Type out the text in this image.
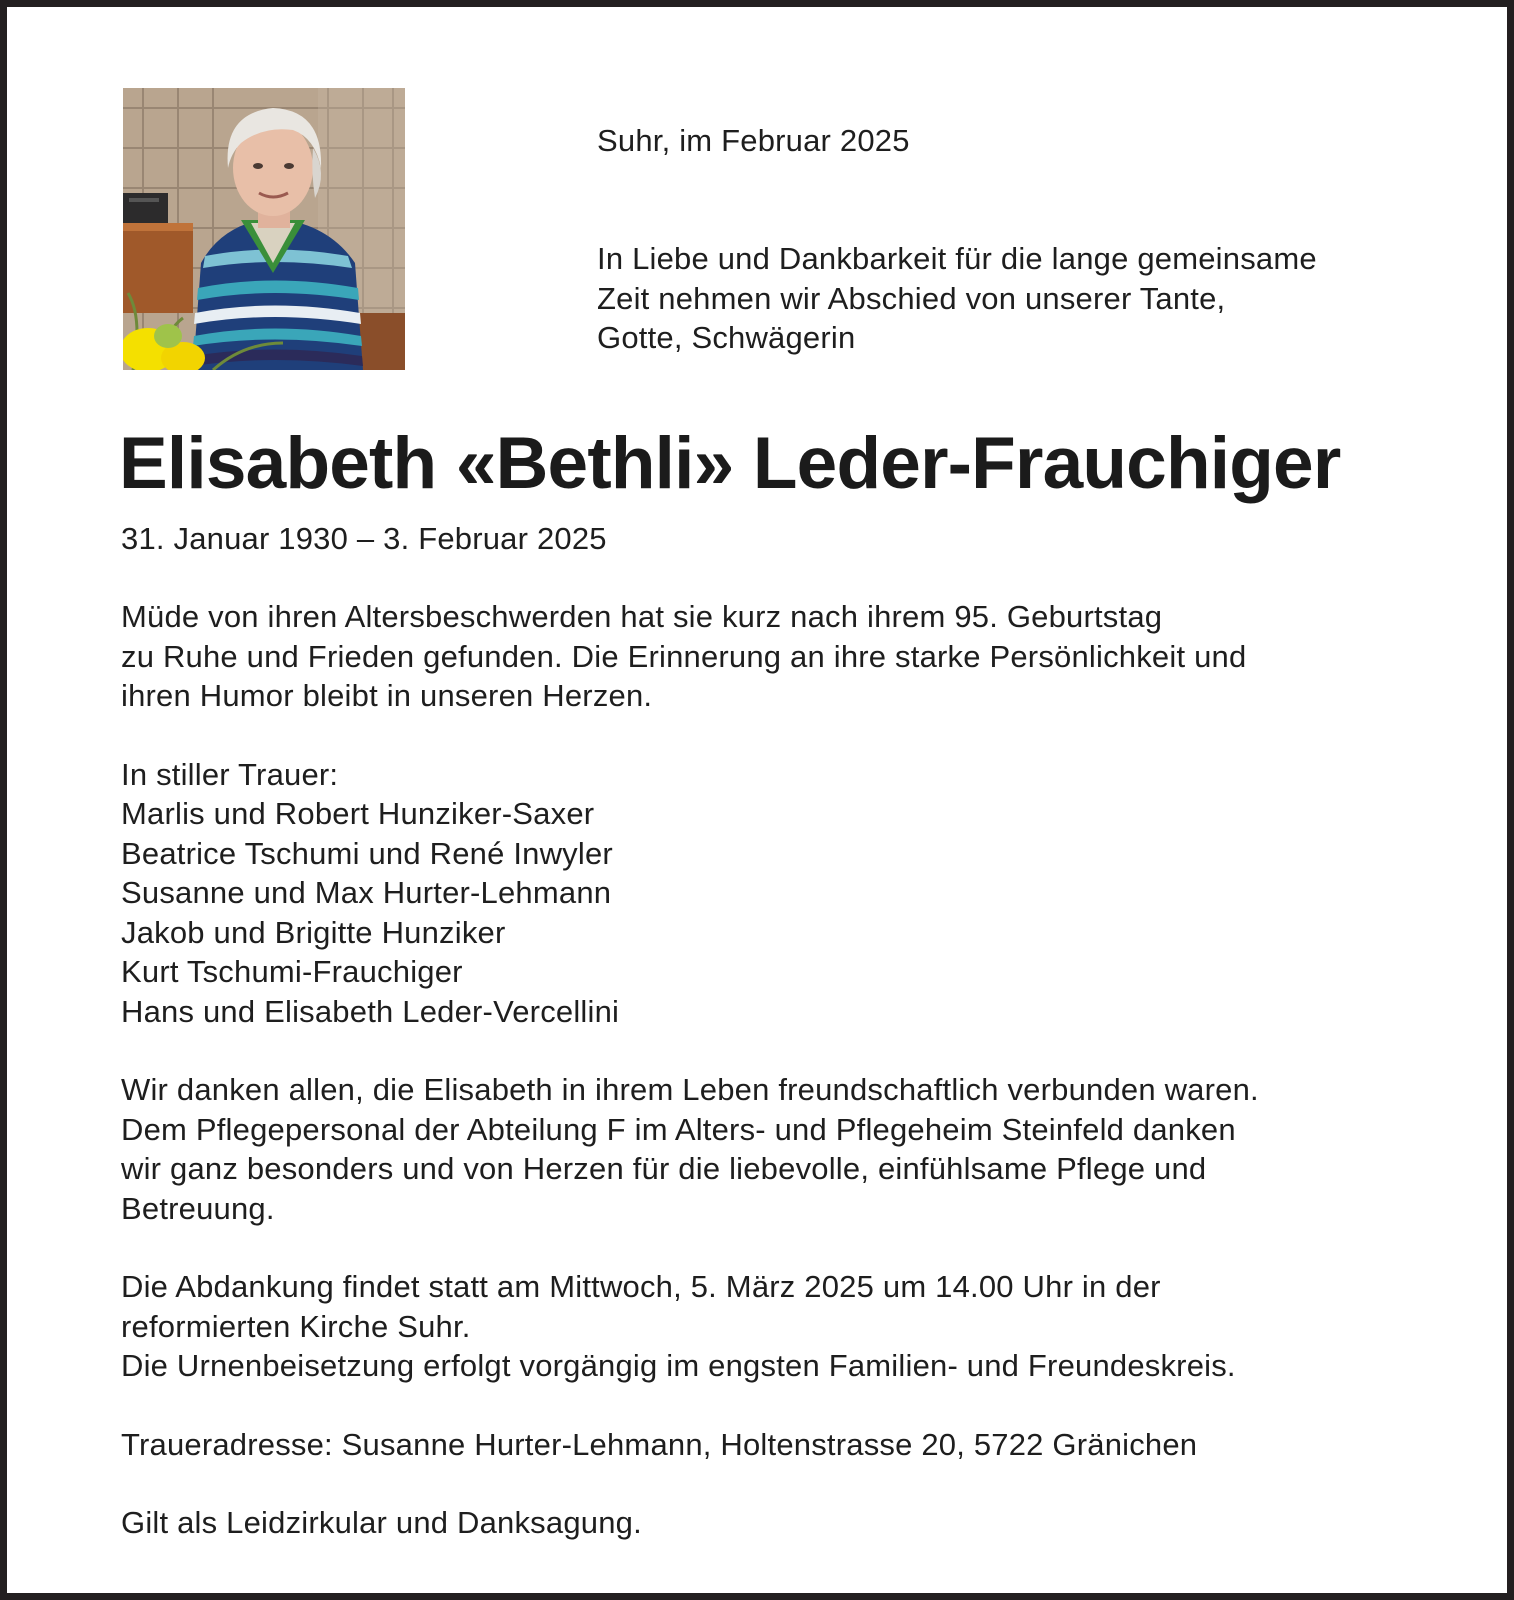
Suhr, im Februar 2025
In Liebe und Dankbarkeit für die lange gemeinsame
Zeit nehmen wir Abschied von unserer Tante,
Gotte, Schwägerin
Elisabeth «Bethli» Leder-Frauchiger
31. Januar 1930 – 3. Februar 2025
Müde von ihren Altersbeschwerden hat sie kurz nach ihrem 95. Geburtstag
zu Ruhe und Frieden gefunden. Die Erinnerung an ihre starke Persönlichkeit und
ihren Humor bleibt in unseren Herzen.
In stiller Trauer:
Marlis und Robert Hunziker-Saxer
Beatrice Tschumi und René Inwyler
Susanne und Max Hurter-Lehmann
Jakob und Brigitte Hunziker
Kurt Tschumi-Frauchiger
Hans und Elisabeth Leder-Vercellini
Wir danken allen, die Elisabeth in ihrem Leben freundschaftlich verbunden waren.
Dem Pflegepersonal der Abteilung F im Alters- und Pflegeheim Steinfeld danken
wir ganz besonders und von Herzen für die liebevolle, einfühlsame Pflege und
Betreuung.
Die Abdankung findet statt am Mittwoch, 5. März 2025 um 14.00 Uhr in der
reformierten Kirche Suhr.
Die Urnenbeisetzung erfolgt vorgängig im engsten Familien- und Freundeskreis.
Traueradresse: Susanne Hurter-Lehmann, Holtenstrasse 20, 5722 Gränichen
Gilt als Leidzirkular und Danksagung.
